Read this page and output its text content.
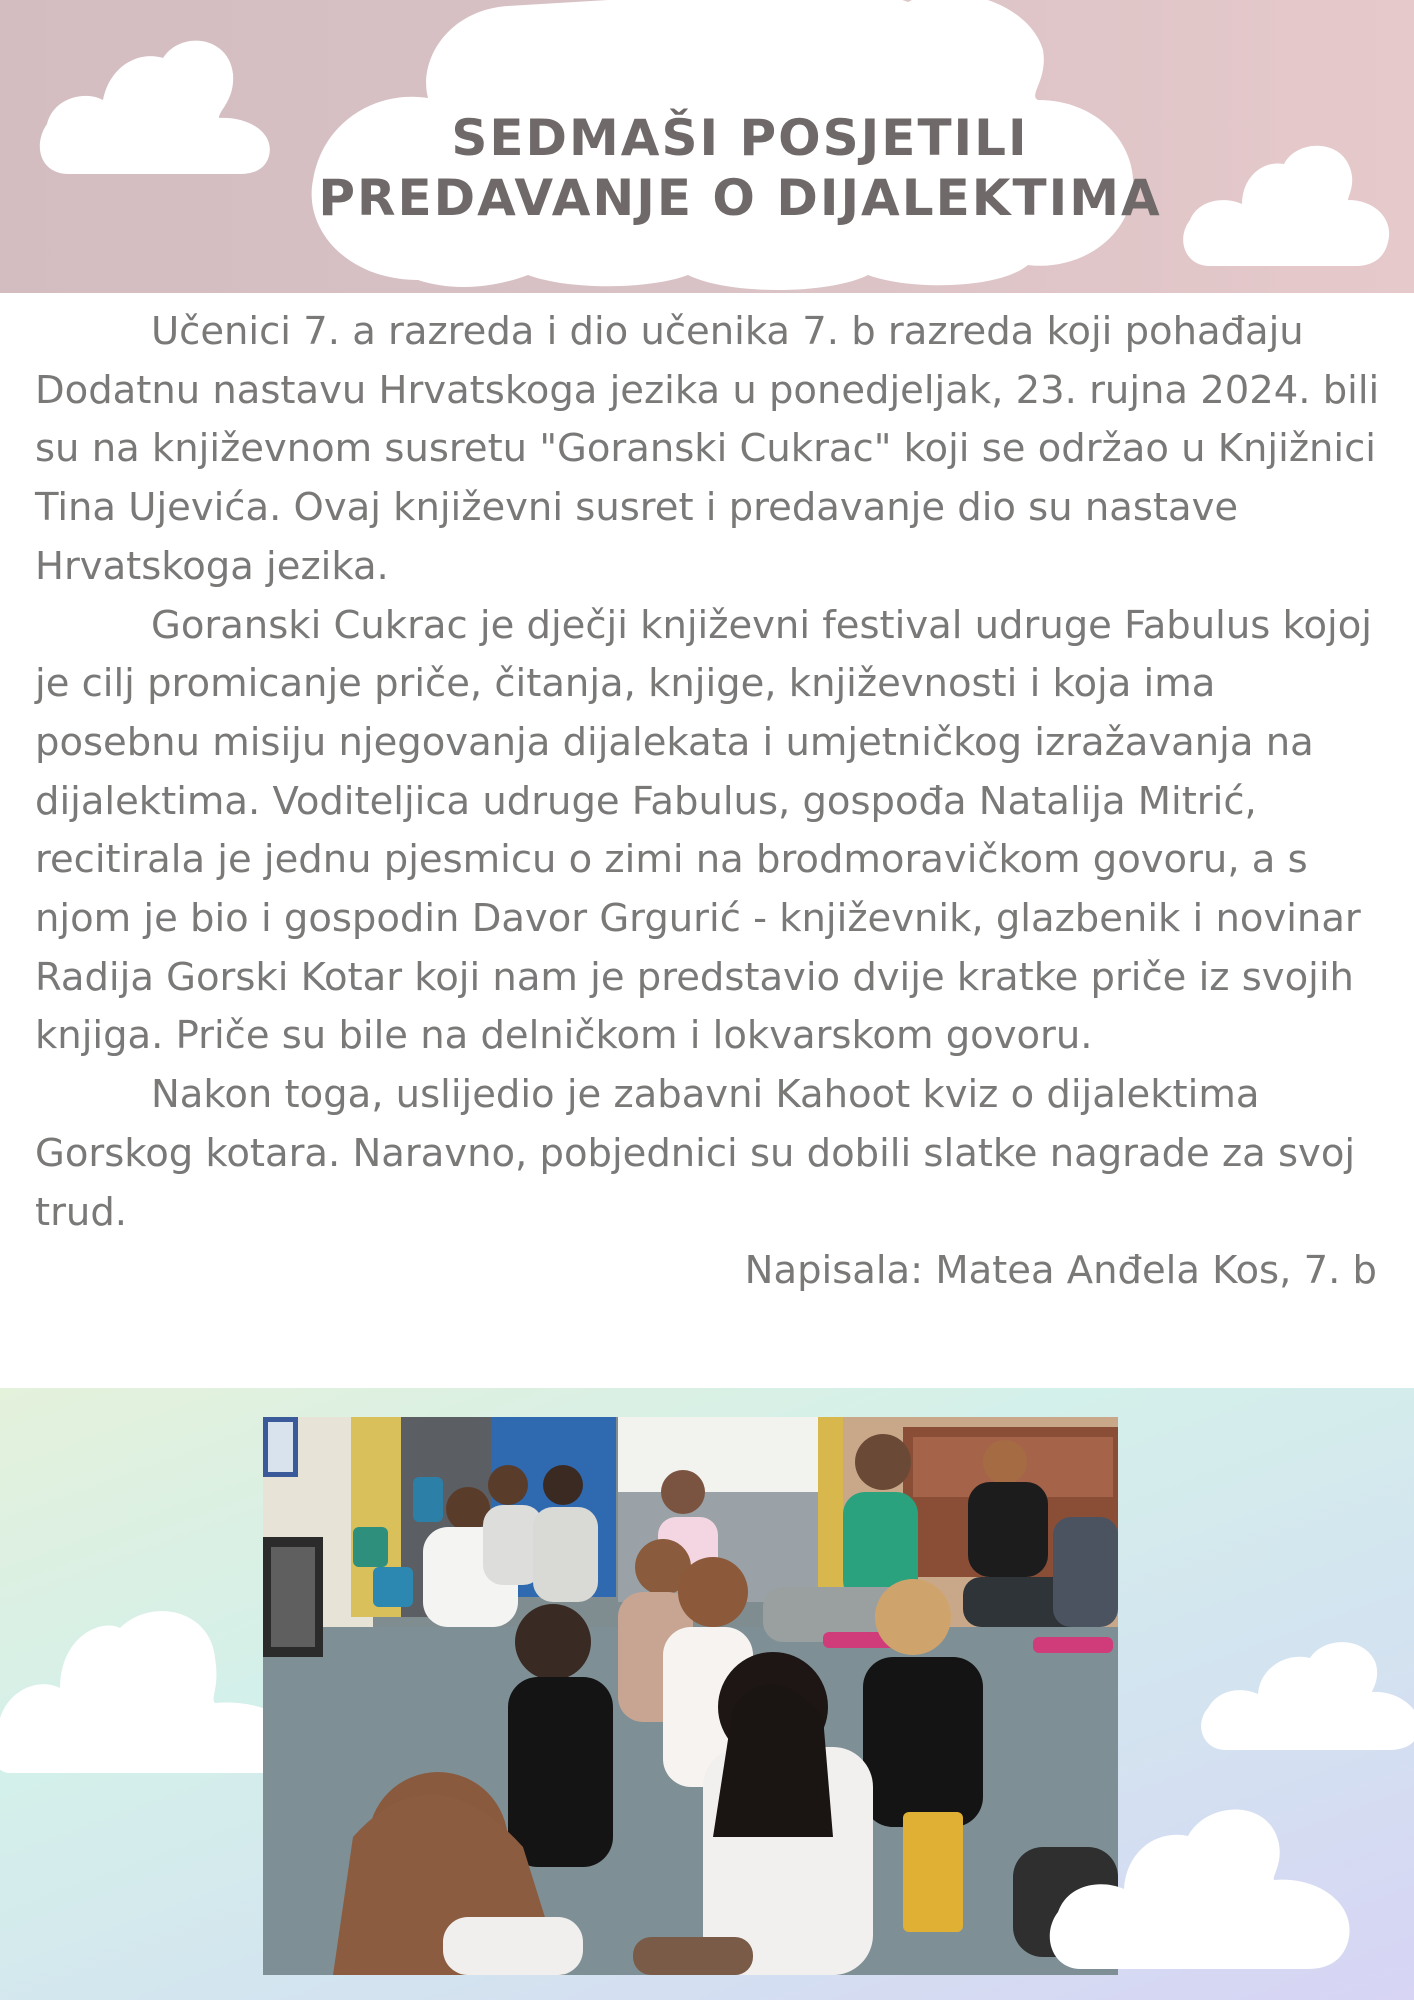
SEDMAŠI POSJETILI
PREDAVANJE O DIJALEKTIMA

Učenici 7. a razreda i dio učenika 7. b razreda koji pohađaju Dodatnu nastavu Hrvatskoga jezika u ponedjeljak, 23. rujna 2024. bili su na književnom susretu "Goranski Cukrac" koji se održao u Knjižnici Tina Ujevića. Ovaj književni susret i predavanje dio su nastave Hrvatskoga jezika.

Goranski Cukrac je dječji književni festival udruge Fabulus kojoj je cilj promicanje priče, čitanja, knjige, književnosti i koja ima posebnu misiju njegovanja dijalekata i umjetničkog izražavanja na dijalektima. Voditeljica udruge Fabulus, gospođa Natalija Mitrić, recitirala je jednu pjesmicu o zimi na brodmoravičkom govoru, a s njom je bio i gospodin Davor Grgurić - književnik, glazbenik i novinar Radija Gorski Kotar koji nam je predstavio dvije kratke priče iz svojih knjiga. Priče su bile na delničkom i lokvarskom govoru.

Nakon toga, uslijedio je zabavni Kahoot kviz o dijalektima Gorskog kotara. Naravno, pobjednici su dobili slatke nagrade za svoj trud.

Napisala: Matea Anđela Kos, 7. b
